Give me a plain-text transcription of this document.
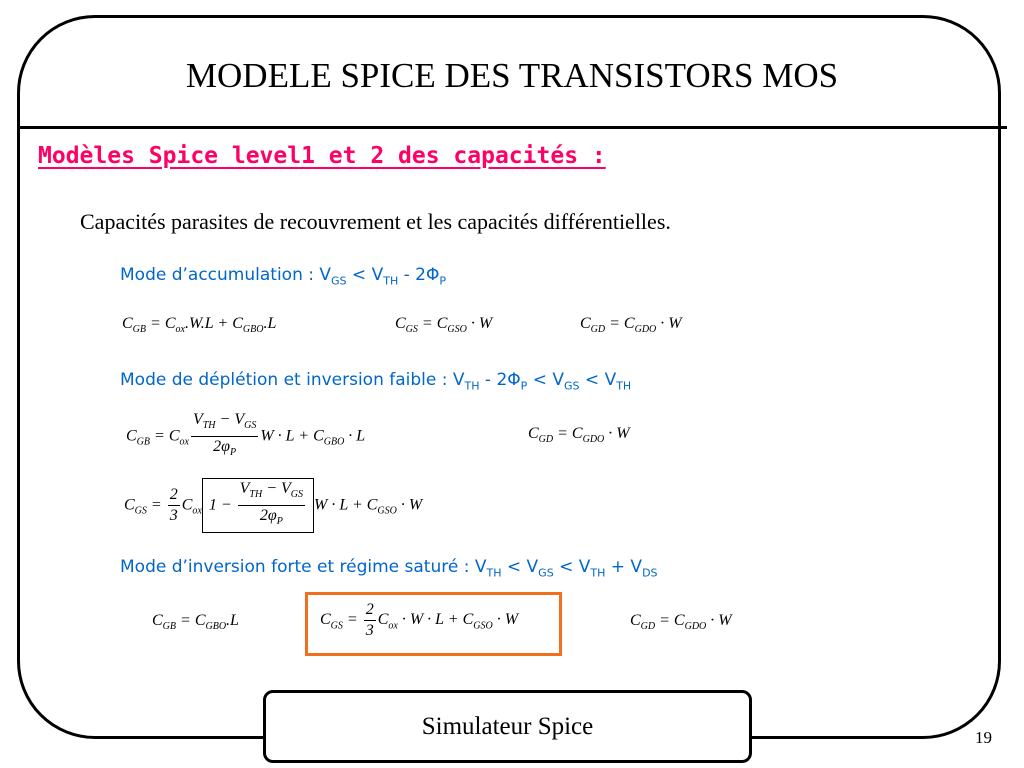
MODELE SPICE DES TRANSISTORS MOS
Modèles Spice level1 et 2 des capacités :
Capacités parasites de recouvrement et les capacités différentielles.
Mode d’accumulation : $V_{GS} < V_{TH} - 2\Phi_P$
$C_{GB} = C_{ox}.W.L + C_{GBO}.L$	$C_{GS} = C_{GSO} \cdot W$	$C_{GD} = C_{GDO} \cdot W$
Mode de déplétion et inversion faible : $V_{TH} - 2\Phi_P < V_{GS} < V_{TH}$
$C_{GB} = C_{ox} \frac{V_{TH} - V_{GS}}{2\varphi_P}$ $W \cdot L + C_{GBO} \cdot L$	$C_{GD} = C_{GDO} \cdot W$
$C_{GS} = \frac{2}{3} C_{ox}$ $1 - \frac{V_{TH} - V_{GS}}{2\varphi_P}$ $W \cdot L + C_{GSO} \cdot W$
Mode d’inversion forte et régime saturé : $V_{TH} < V_{GS} < V_{TH} + V_{DS}$
$C_{GB} = C_{GBO}.L$	$C_{GS} = \frac{2}{3} C_{ox} \cdot W \cdot L + C_{GSO} \cdot W$	$C_{GD} = C_{GDO} \cdot W$
Simulateur Spice	19
